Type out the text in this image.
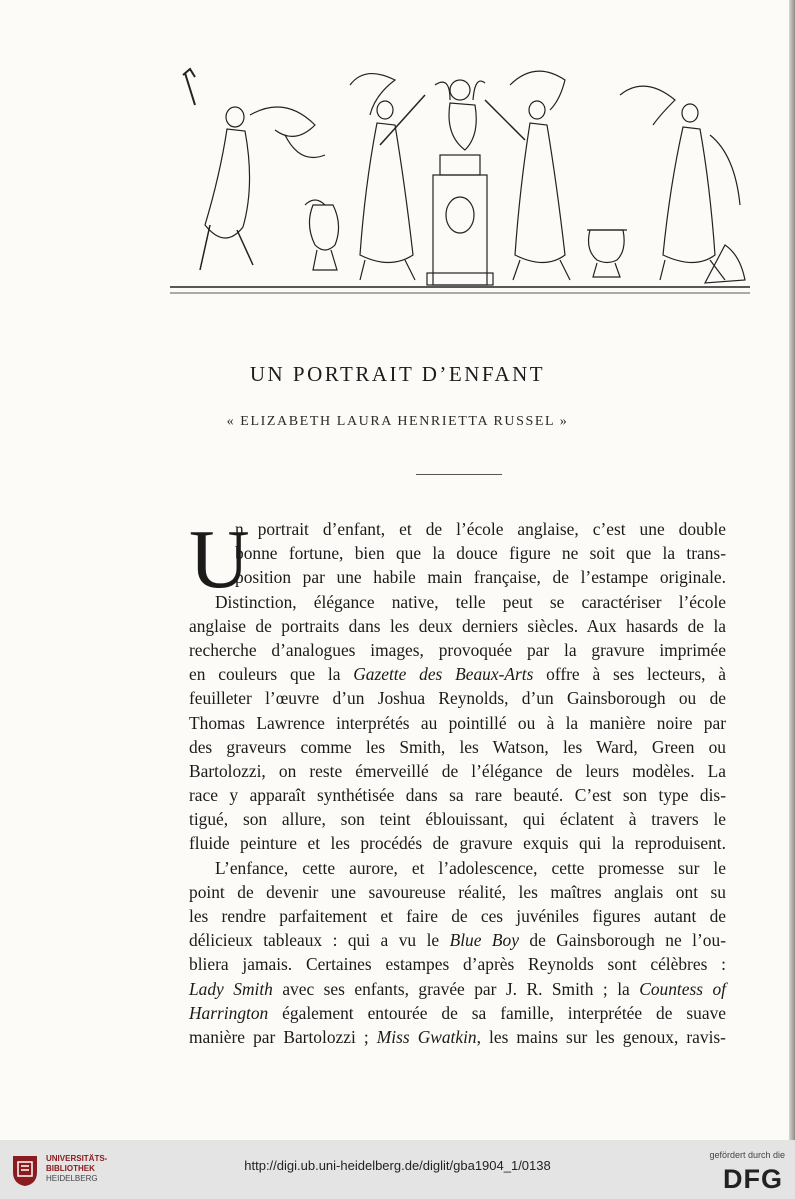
UN PORTRAIT D’ENFANT
« ELIZABETH LAURA HENRIETTA RUSSEL »
U
n portrait d’enfant, et de l’école anglaise, c’est une double
bonne fortune, bien que la douce figure ne soit que la trans-
position par une habile main française, de l’estampe originale.
Distinction, élégance native, telle peut se caractériser l’école
anglaise de portraits dans les deux derniers siècles. Aux hasards de la
recherche d’analogues images, provoquée par la gravure imprimée
en couleurs que la Gazette des Beaux-Arts offre à ses lecteurs, à
feuilleter l’œuvre d’un Joshua Reynolds, d’un Gainsborough ou de
Thomas Lawrence interprétés au pointillé ou à la manière noire par
des graveurs comme les Smith, les Watson, les Ward, Green ou
Bartolozzi, on reste émerveillé de l’élégance de leurs modèles. La
race y apparaît synthétisée dans sa rare beauté. C’est son type dis-
tigué, son allure, son teint éblouissant, qui éclatent à travers le
fluide peinture et les procédés de gravure exquis qui la reproduisent.
L’enfance, cette aurore, et l’adolescence, cette promesse sur le
point de devenir une savoureuse réalité, les maîtres anglais ont su
les rendre parfaitement et faire de ces juvéniles figures autant de
délicieux tableaux : qui a vu le Blue Boy de Gainsborough ne l’ou-
bliera jamais. Certaines estampes d’après Reynolds sont célèbres :
Lady Smith avec ses enfants, gravée par J. R. Smith ; la Countess of
Harrington également entourée de sa famille, interprétée de suave
manière par Bartolozzi ; Miss Gwatkin, les mains sur les genoux, ravis-
UNIVERSITÄTS-
BIBLIOTHEK
HEIDELBERG
http://digi.ub.uni-heidelberg.de/diglit/gba1904_1/0138
gefördert durch die
DFG
